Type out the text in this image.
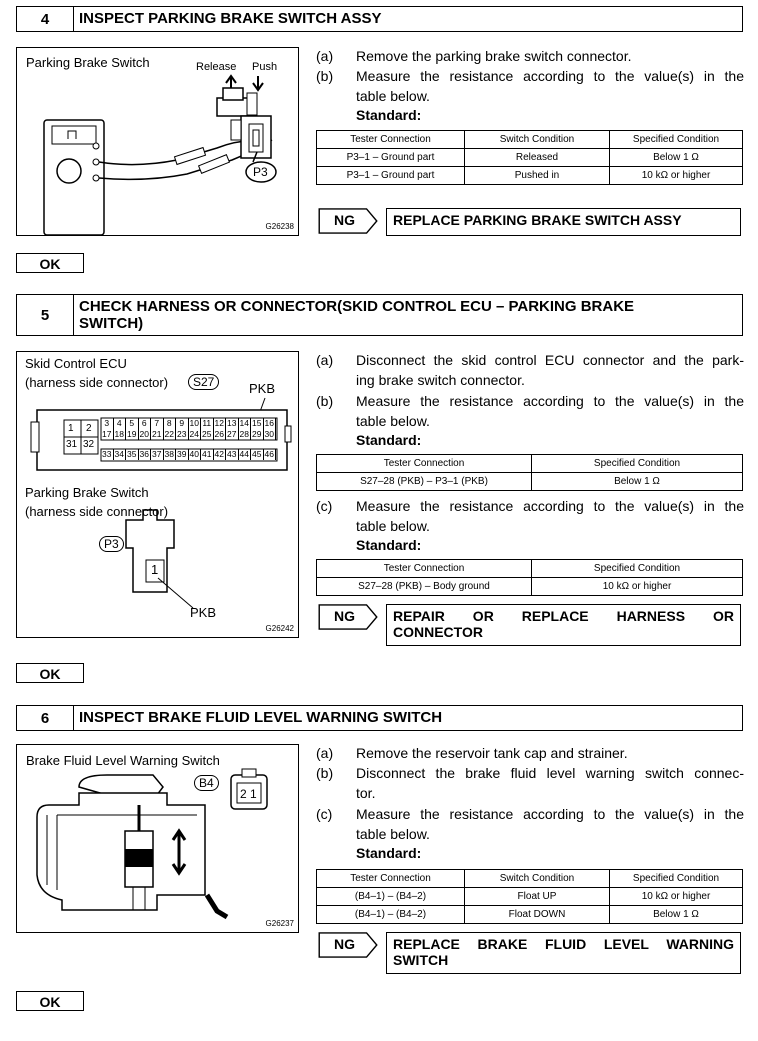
4	INSPECT PARKING BRAKE SWITCH ASSY
Parking Brake Switch	Release Push
P3
G26238
(a) Remove the parking brake switch connector.
(b) Measure the resistance according to the value(s) in the
table below.
Standard:
Tester Connection	Switch Condition	Specified Condition
P3–1 – Ground part	Released	Below 1 Ω
P3–1 – Ground part	Pushed in	10 kΩ or higher
NG	REPLACE PARKING BRAKE SWITCH ASSY
OK
5	CHECK HARNESS OR CONNECTOR(SKID CONTROL ECU – PARKING BRAKE
SWITCH)
Skid Control ECU
(harness side connector)	S27	PKB
1 2
31 32
3 4 5 6 7 8 9 10 11 12 13 14 15 16
17 18 19 20 21 22 23 24 25 26 27 28 29 30
33 34 35 36 37 38 39 40 41 42 43 44 45 46
Parking Brake Switch
(harness side connector)
P3
1
PKB
G26242
(a) Disconnect the skid control ECU connector and the park-
ing brake switch connector.
(b) Measure the resistance according to the value(s) in the
table below.
Standard:
Tester Connection	Specified Condition
S27–28 (PKB) – P3–1 (PKB)	Below 1 Ω
(c) Measure the resistance according to the value(s) in the
table below.
Standard:
Tester Connection	Specified Condition
S27–28 (PKB) – Body ground	10 kΩ or higher
NG	REPAIR OR REPLACE HARNESS OR
CONNECTOR
OK
6	INSPECT BRAKE FLUID LEVEL WARNING SWITCH
Brake Fluid Level Warning Switch
B4
2 1
G26237
(a) Remove the reservoir tank cap and strainer.
(b) Disconnect the brake fluid level warning switch connec-
tor.
(c) Measure the resistance according to the value(s) in the
table below.
Standard:
Tester Connection	Switch Condition	Specified Condition
(B4–1) – (B4–2)	Float UP	10 kΩ or higher
(B4–1) – (B4–2)	Float DOWN	Below 1 Ω
NG	REPLACE BRAKE FLUID LEVEL WARNING
SWITCH
OK
